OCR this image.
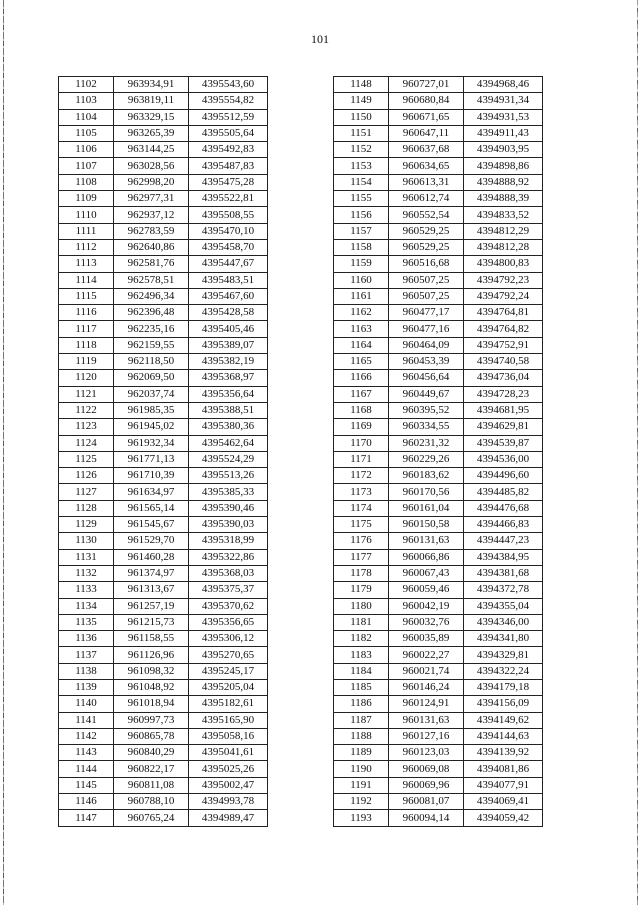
101
1102	963934,91	4395543,60
1103	963819,11	4395554,82
1104	963329,15	4395512,59
1105	963265,39	4395505,64
1106	963144,25	4395492,83
1107	963028,56	4395487,83
1108	962998,20	4395475,28
1109	962977,31	4395522,81
1110	962937,12	4395508,55
1111	962783,59	4395470,10
1112	962640,86	4395458,70
1113	962581,76	4395447,67
1114	962578,51	4395483,51
1115	962496,34	4395467,60
1116	962396,48	4395428,58
1117	962235,16	4395405,46
1118	962159,55	4395389,07
1119	962118,50	4395382,19
1120	962069,50	4395368,97
1121	962037,74	4395356,64
1122	961985,35	4395388,51
1123	961945,02	4395380,36
1124	961932,34	4395462,64
1125	961771,13	4395524,29
1126	961710,39	4395513,26
1127	961634,97	4395385,33
1128	961565,14	4395390,46
1129	961545,67	4395390,03
1130	961529,70	4395318,99
1131	961460,28	4395322,86
1132	961374,97	4395368,03
1133	961313,67	4395375,37
1134	961257,19	4395370,62
1135	961215,73	4395356,65
1136	961158,55	4395306,12
1137	961126,96	4395270,65
1138	961098,32	4395245,17
1139	961048,92	4395205,04
1140	961018,94	4395182,61
1141	960997,73	4395165,90
1142	960865,78	4395058,16
1143	960840,29	4395041,61
1144	960822,17	4395025,26
1145	960811,08	4395002,47
1146	960788,10	4394993,78
1147	960765,24	4394989,47
1148	960727,01	4394968,46
1149	960680,84	4394931,34
1150	960671,65	4394931,53
1151	960647,11	4394911,43
1152	960637,68	4394903,95
1153	960634,65	4394898,86
1154	960613,31	4394888,92
1155	960612,74	4394888,39
1156	960552,54	4394833,52
1157	960529,25	4394812,29
1158	960529,25	4394812,28
1159	960516,68	4394800,83
1160	960507,25	4394792,23
1161	960507,25	4394792,24
1162	960477,17	4394764,81
1163	960477,16	4394764,82
1164	960464,09	4394752,91
1165	960453,39	4394740,58
1166	960456,64	4394736,04
1167	960449,67	4394728,23
1168	960395,52	4394681,95
1169	960334,55	4394629,81
1170	960231,32	4394539,87
1171	960229,26	4394536,00
1172	960183,62	4394496,60
1173	960170,56	4394485,82
1174	960161,04	4394476,68
1175	960150,58	4394466,83
1176	960131,63	4394447,23
1177	960066,86	4394384,95
1178	960067,43	4394381,68
1179	960059,46	4394372,78
1180	960042,19	4394355,04
1181	960032,76	4394346,00
1182	960035,89	4394341,80
1183	960022,27	4394329,81
1184	960021,74	4394322,24
1185	960146,24	4394179,18
1186	960124,91	4394156,09
1187	960131,63	4394149,62
1188	960127,16	4394144,63
1189	960123,03	4394139,92
1190	960069,08	4394081,86
1191	960069,96	4394077,91
1192	960081,07	4394069,41
1193	960094,14	4394059,42
